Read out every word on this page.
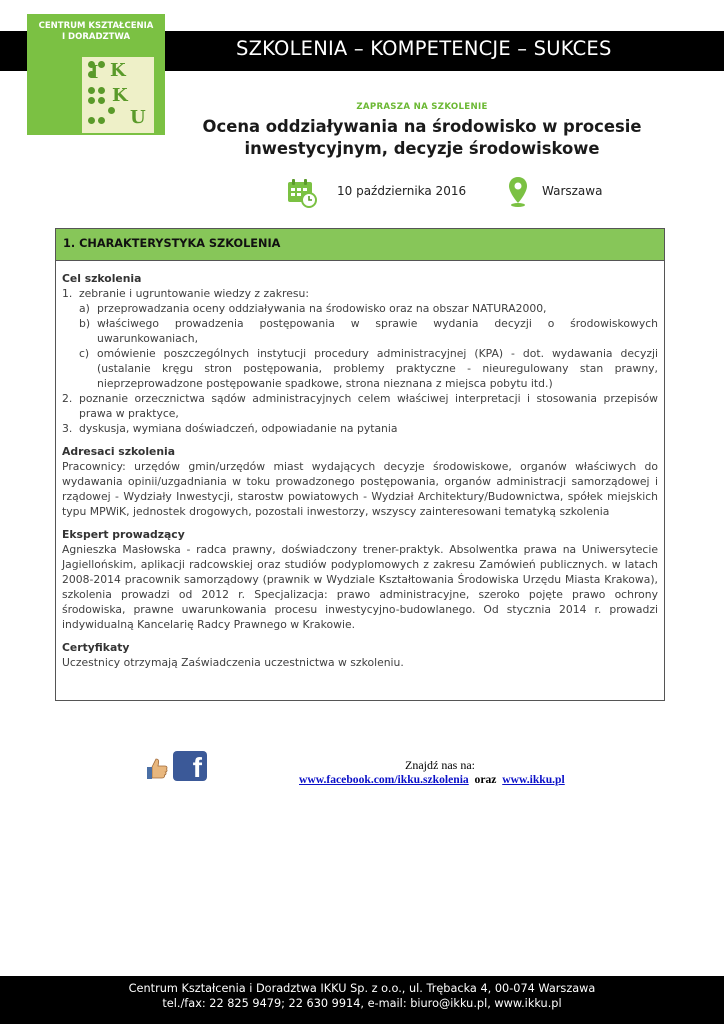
SZKOLENIA – KOMPETENCJE – SUKCES
CENTRUM KSZTAŁCENIA
I DORADZTWA
I K
K
U	ZAPRASZA NA SZKOLENIE
Ocena oddziaływania na środowisko w procesie
inwestycyjnym, decyzje środowiskowe
10 października 2016	Warszawa
1. CHARAKTERYSTYKA SZKOLENIA
Cel szkolenia
1. zebranie i ugruntowanie wiedzy z zakresu:
a) przeprowadzania oceny oddziaływania na środowisko oraz na obszar NATURA2000,
b) właściwego prowadzenia postępowania w sprawie wydania decyzji o środowiskowych uwarunkowaniach,
c) omówienie poszczególnych instytucji procedury administracyjnej (KPA) - dot. wydawania decyzji (ustalanie kręgu stron postępowania, problemy praktyczne - nieuregulowany stan prawny, nieprzeprowadzone postępowanie spadkowe, strona nieznana z miejsca pobytu itd.)
2. poznanie orzecznictwa sądów administracyjnych celem właściwej interpretacji i stosowania przepisów prawa w praktyce,
3. dyskusja, wymiana doświadczeń, odpowiadanie na pytania
Adresaci szkolenia

Pracownicy: urzędów gmin/urzędów miast wydających decyzje środowiskowe, organów właściwych do wydawania opinii/uzgadniania w toku prowadzonego postępowania, organów administracji samorządowej i rządowej - Wydziały Inwestycji, starostw powiatowych - Wydział Architektury/Budownictwa, spółek miejskich typu MPWiK, jednostek drogowych, pozostali inwestorzy, wszyscy zainteresowani tematyką szkolenia

Ekspert prowadzący

Agnieszka Masłowska - radca prawny, doświadczony trener-praktyk. Absolwentka prawa na Uniwersytecie Jagiellońskim, aplikacji radcowskiej oraz studiów podyplomowych z zakresu Zamówień publicznych. w latach 2008-2014 pracownik samorządowy (prawnik w Wydziale Kształtowania Środowiska Urzędu Miasta Krakowa), szkolenia prowadzi od 2012 r. Specjalizacja: prawo administracyjne, szeroko pojęte prawo ochrony środowiska, prawne uwarunkowania procesu inwestycyjno-budowlanego. Od stycznia 2014 r. prowadzi indywidualną Kancelarię Radcy Prawnego w Krakowie.

Certyfikaty

Uczestnicy otrzymają Zaświadczenia uczestnictwa w szkoleniu.

f	Znajdź nas na:
www.facebook.com/ikku.szkolenia oraz www.ikku.pl
Centrum Kształcenia i Doradztwa IKKU Sp. z o.o., ul. Trębacka 4, 00-074 Warszawa
tel./fax: 22 825 9479; 22 630 9914, e-mail: biuro@ikku.pl, www.ikku.pl
